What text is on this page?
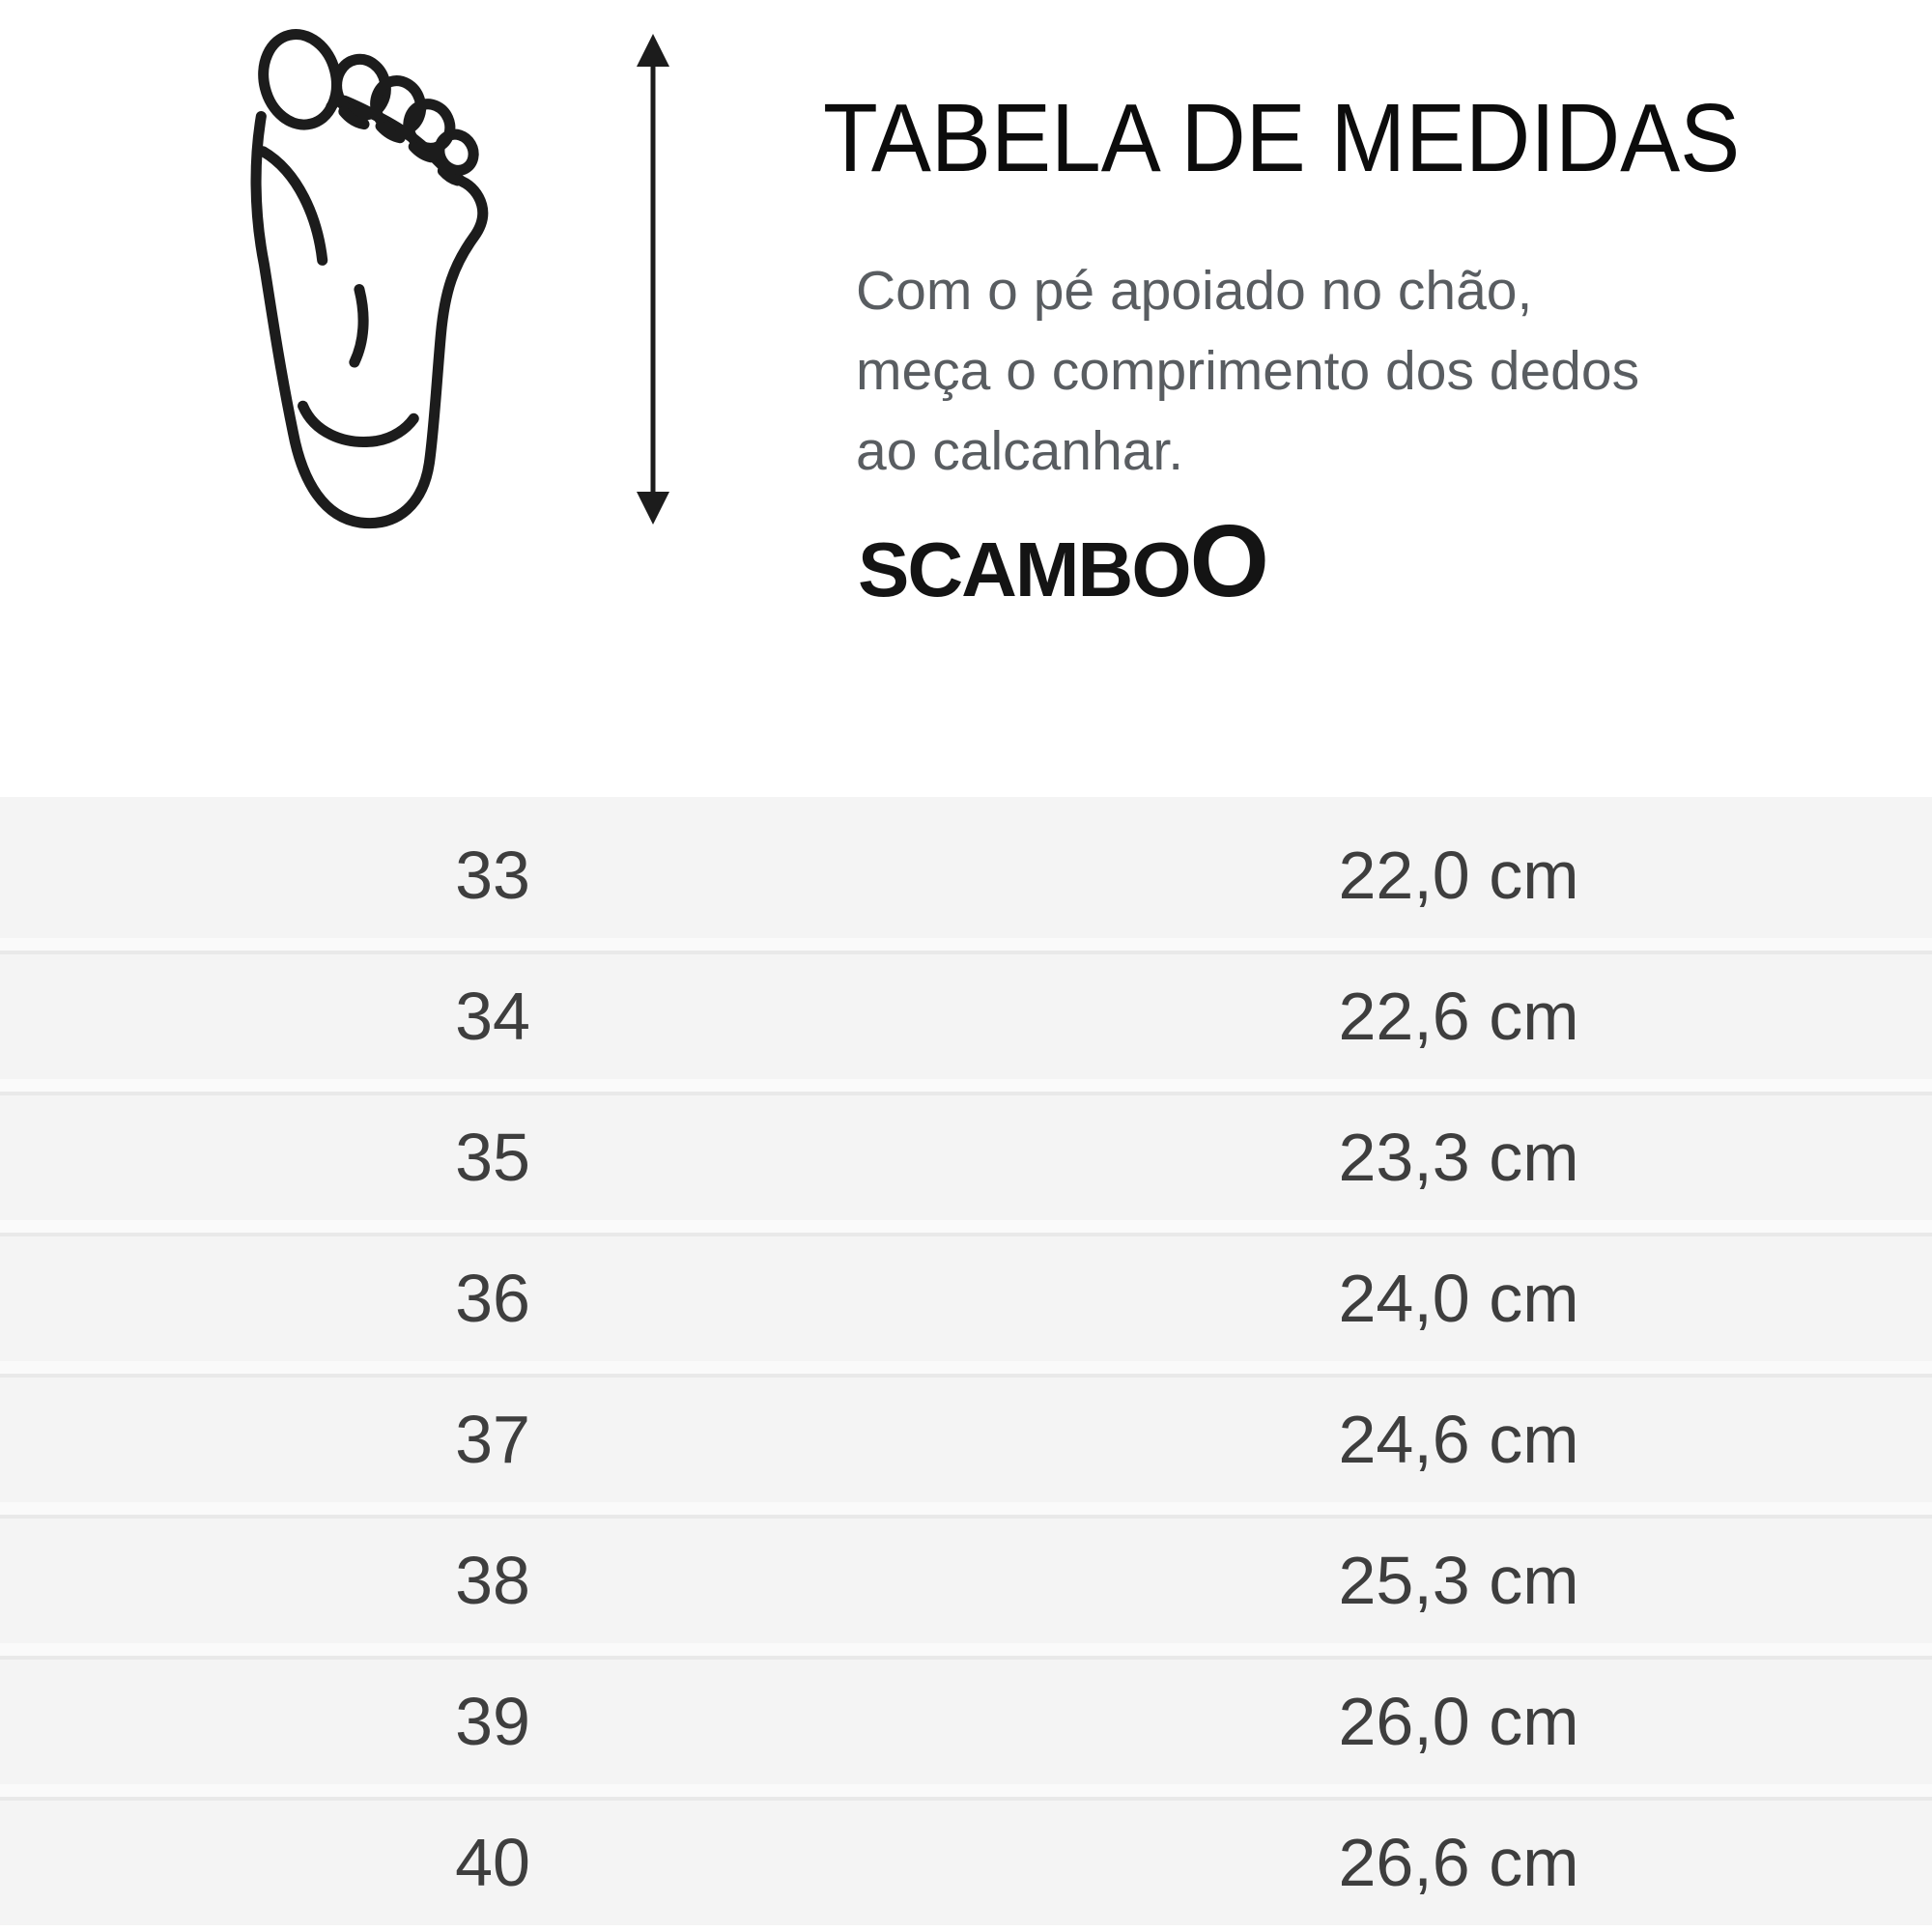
TABELA DE MEDIDAS
Com o pé apoiado no chão,
meça o comprimento dos dedos
ao calcanhar.
SCAMBOO
33	22,0 cm
34	22,6 cm
35	23,3 cm
36	24,0 cm
37	24,6 cm
38	25,3 cm
39	26,0 cm
40	26,6 cm
